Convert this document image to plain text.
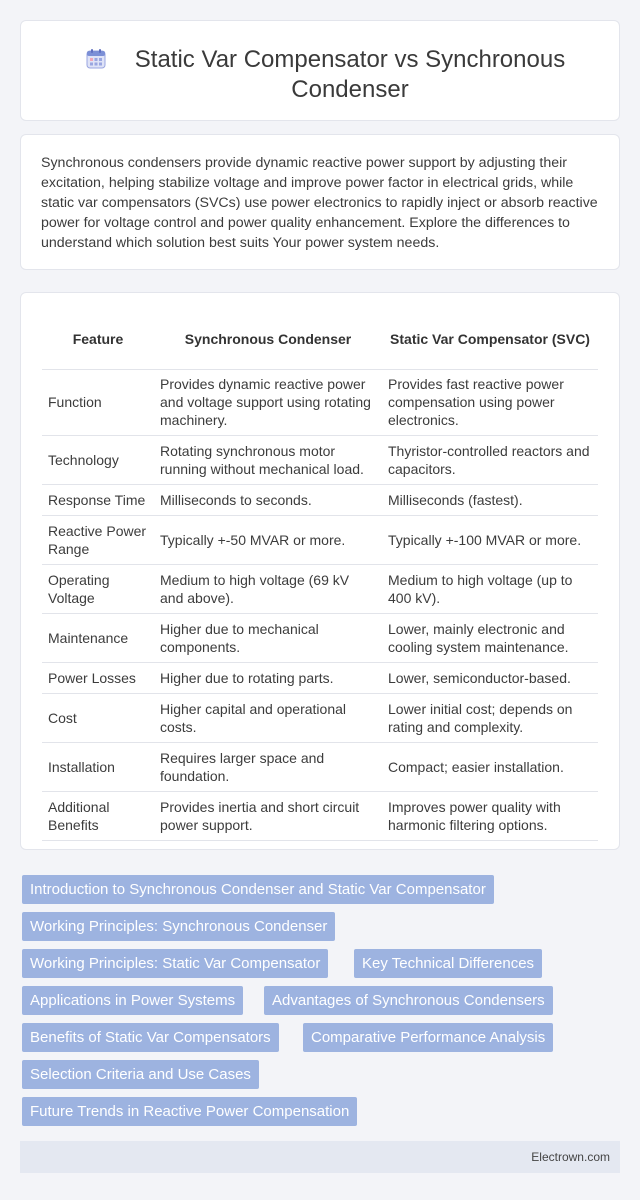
Static Var Compensator vs Synchronous
Condenser

Synchronous condensers provide dynamic reactive power support by adjusting their excitation, helping stabilize voltage and improve power factor in electrical grids, while static var compensators (SVCs) use power electronics to rapidly inject or absorb reactive power for voltage control and power quality enhancement. Explore the differences to understand which solution best suits Your power system needs.

Feature	Synchronous Condenser	Static Var Compensator (SVC)
Function	Provides dynamic reactive power and voltage support using rotating machinery.	Provides fast reactive power compensation using power electronics.
Technology	Rotating synchronous motor running without mechanical load.	Thyristor-controlled reactors and capacitors.
Response Time	Milliseconds to seconds.	Milliseconds (fastest).
Reactive Power Range	Typically +-50 MVAR or more.	Typically +-100 MVAR or more.
Operating Voltage	Medium to high voltage (69 kV and above).	Medium to high voltage (up to 400 kV).
Maintenance	Higher due to mechanical components.	Lower, mainly electronic and cooling system maintenance.
Power Losses	Higher due to rotating parts.	Lower, semiconductor-based.
Cost	Higher capital and operational costs.	Lower initial cost; depends on rating and complexity.
Installation	Requires larger space and foundation.	Compact; easier installation.
Additional Benefits	Provides inertia and short circuit power support.	Improves power quality with harmonic filtering options.
Introduction to Synchronous Condenser and Static Var Compensator
Working Principles: Synchronous Condenser
Working Principles: Static Var Compensator	Key Technical Differences
Applications in Power Systems	Advantages of Synchronous Condensers
Benefits of Static Var Compensators	Comparative Performance Analysis
Selection Criteria and Use Cases
Future Trends in Reactive Power Compensation
Electrown.com
